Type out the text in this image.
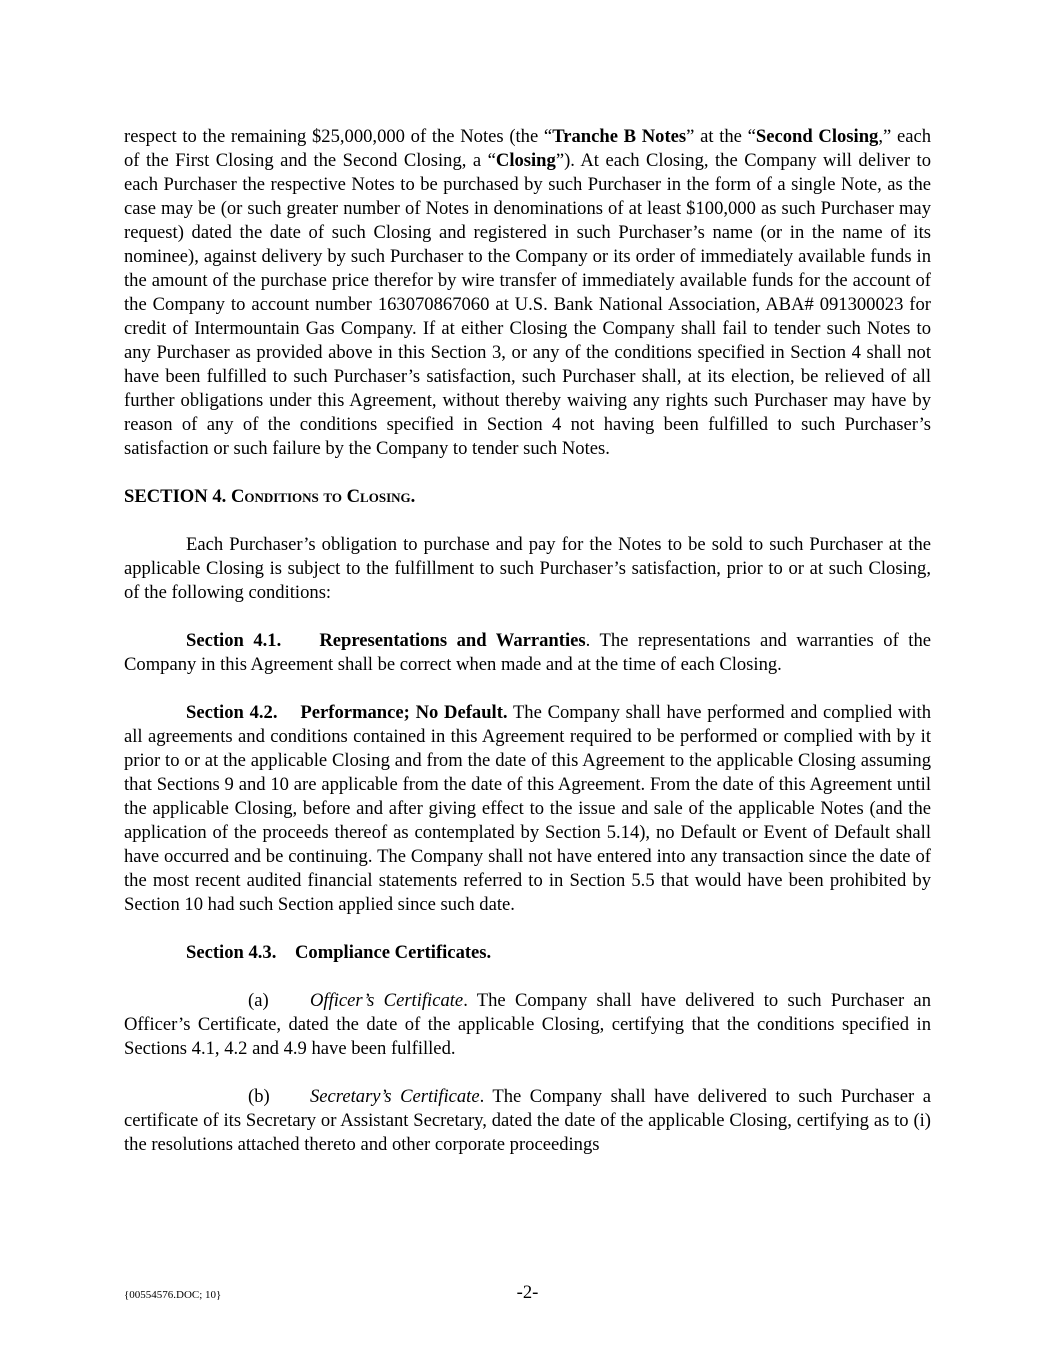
respect to the remaining $25,000,000 of the Notes (the “Tranche B Notes” at the “Second Closing,” each of the First Closing and the Second Closing, a “Closing”). At each Closing, the Company will deliver to each Purchaser the respective Notes to be purchased by such Purchaser in the form of a single Note, as the case may be (or such greater number of Notes in denominations of at least $100,000 as such Purchaser may request) dated the date of such Closing and registered in such Purchaser’s name (or in the name of its nominee), against delivery by such Purchaser to the Company or its order of immediately available funds in the amount of the purchase price therefor by wire transfer of immediately available funds for the account of the Company to account number 163070867060 at U.S. Bank National Association, ABA# 091300023 for credit of Intermountain Gas Company. If at either Closing the Company shall fail to tender such Notes to any Purchaser as provided above in this Section 3, or any of the conditions specified in Section 4 shall not have been fulfilled to such Purchaser’s satisfaction, such Purchaser shall, at its election, be relieved of all further obligations under this Agreement, without thereby waiving any rights such Purchaser may have by reason of any of the conditions specified in Section 4 not having been fulfilled to such Purchaser’s satisfaction or such failure by the Company to tender such Notes.

SECTION 4. Conditions to Closing.

Each Purchaser’s obligation to purchase and pay for the Notes to be sold to such Purchaser at the applicable Closing is subject to the fulfillment to such Purchaser’s satisfaction, prior to or at such Closing, of the following conditions:

Section 4.1. Representations and Warranties. The representations and warranties of the Company in this Agreement shall be correct when made and at the time of each Closing.

Section 4.2. Performance; No Default. The Company shall have performed and complied with all agreements and conditions contained in this Agreement required to be performed or complied with by it prior to or at the applicable Closing and from the date of this Agreement to the applicable Closing assuming that Sections 9 and 10 are applicable from the date of this Agreement. From the date of this Agreement until the applicable Closing, before and after giving effect to the issue and sale of the applicable Notes (and the application of the proceeds thereof as contemplated by Section 5.14), no Default or Event of Default shall have occurred and be continuing. The Company shall not have entered into any transaction since the date of the most recent audited financial statements referred to in Section 5.5 that would have been prohibited by Section 10 had such Section applied since such date.

Section 4.3. Compliance Certificates.

(a) Officer’s Certificate. The Company shall have delivered to such Purchaser an Officer’s Certificate, dated the date of the applicable Closing, certifying that the conditions specified in Sections 4.1, 4.2 and 4.9 have been fulfilled.

(b) Secretary’s Certificate. The Company shall have delivered to such Purchaser a certificate of its Secretary or Assistant Secretary, dated the date of the applicable Closing, certifying as to (i) the resolutions attached thereto and other corporate proceedings

{00554576.DOC; 10}	-2-
